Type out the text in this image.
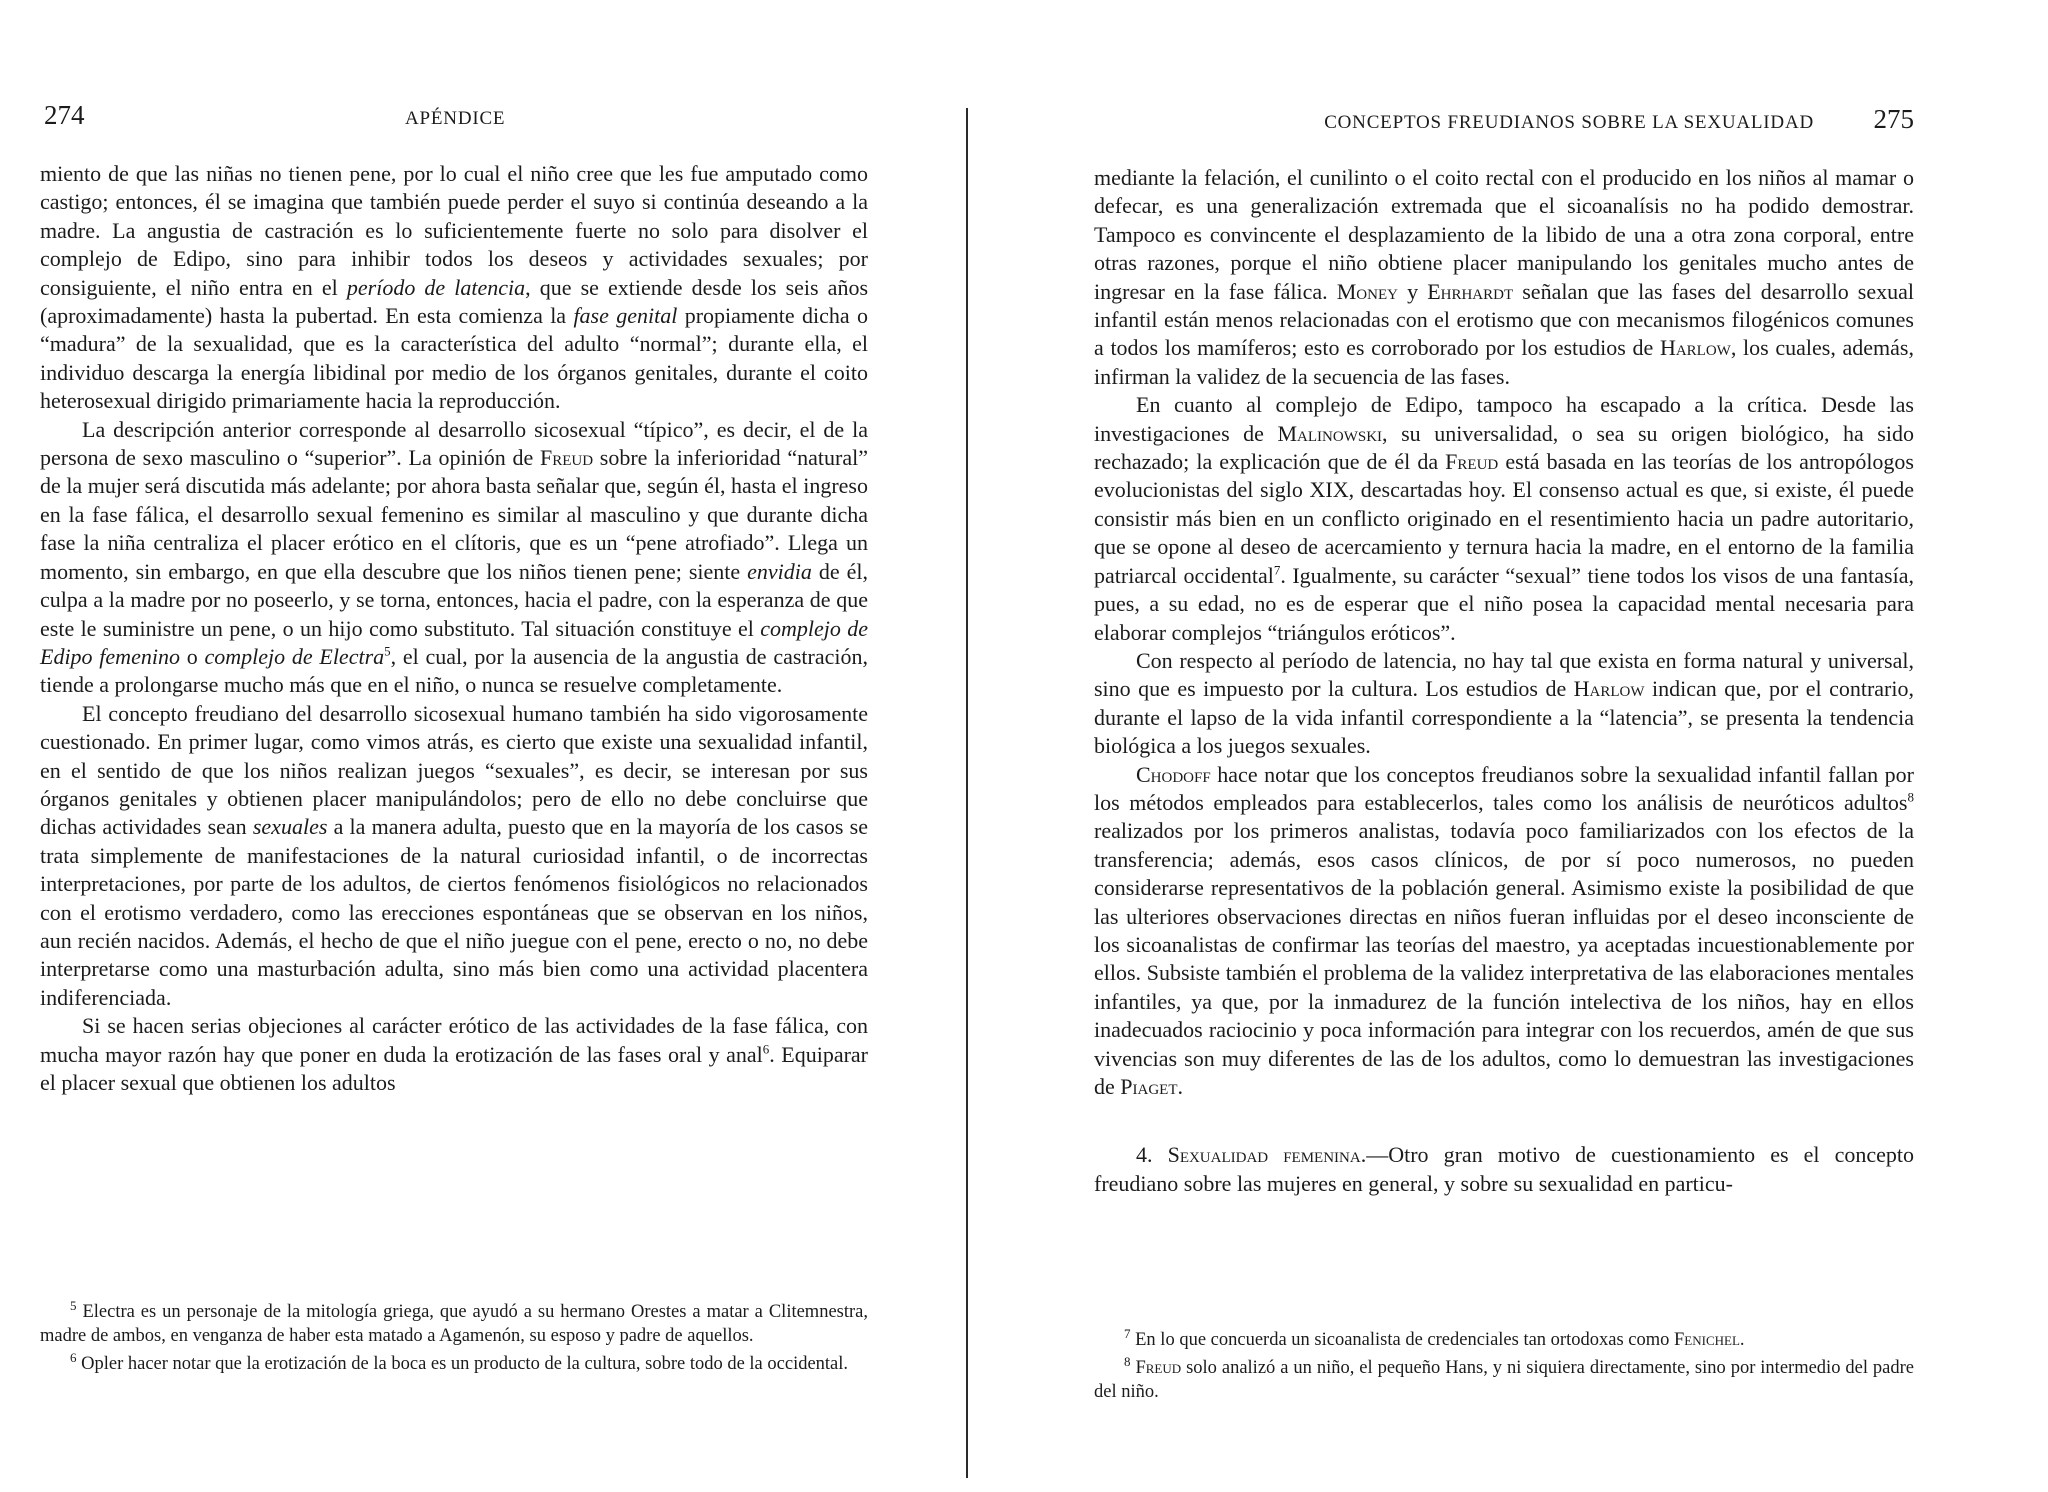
274	APÉNDICE

miento de que las niñas no tienen pene, por lo cual el niño cree que les fue amputado como castigo; entonces, él se imagina que también puede perder el suyo si continúa deseando a la madre. La angustia de castración es lo suficientemente fuerte no solo para disolver el complejo de Edipo, sino para inhibir todos los deseos y actividades sexuales; por consiguiente, el niño entra en el período de latencia, que se extiende desde los seis años (aproximadamente) hasta la pubertad. En esta comienza la fase genital propiamente dicha o “madura” de la sexualidad, que es la característica del adulto “normal”; durante ella, el individuo descarga la energía libidinal por medio de los órganos genitales, durante el coito heterosexual dirigido primariamente hacia la reproducción.

La descripción anterior corresponde al desarrollo sicosexual “típico”, es decir, el de la persona de sexo masculino o “superior”. La opinión de Freud sobre la inferioridad “natural” de la mujer será discutida más adelante; por ahora basta señalar que, según él, hasta el ingreso en la fase fálica, el desarrollo sexual femenino es similar al masculino y que durante dicha fase la niña centraliza el placer erótico en el clítoris, que es un “pene atrofiado”. Llega un momento, sin embargo, en que ella descubre que los niños tienen pene; siente envidia de él, culpa a la madre por no poseerlo, y se torna, entonces, hacia el padre, con la esperanza de que este le suministre un pene, o un hijo como substituto. Tal situación constituye el complejo de Edipo femenino o complejo de Electra$^5$, el cual, por la ausencia de la angustia de castración, tiende a prolongarse mucho más que en el niño, o nunca se resuelve completamente.

El concepto freudiano del desarrollo sicosexual humano también ha sido vigorosamente cuestionado. En primer lugar, como vimos atrás, es cierto que existe una sexualidad infantil, en el sentido de que los niños realizan juegos “sexuales”, es decir, se interesan por sus órganos genitales y obtienen placer manipulándolos; pero de ello no debe concluirse que dichas actividades sean sexuales a la manera adulta, puesto que en la mayoría de los casos se trata simplemente de manifestaciones de la natural curiosidad infantil, o de incorrectas interpretaciones, por parte de los adultos, de ciertos fenómenos fisiológicos no relacionados con el erotismo verdadero, como las erecciones espontáneas que se observan en los niños, aun recién nacidos. Además, el hecho de que el niño juegue con el pene, erecto o no, no debe interpretarse como una masturbación adulta, sino más bien como una actividad placentera indiferenciada.

Si se hacen serias objeciones al carácter erótico de las actividades de la fase fálica, con mucha mayor razón hay que poner en duda la erotización de las fases oral y anal$^6$. Equiparar el placer sexual que obtienen los adultos

$^5$ Electra es un personaje de la mitología griega, que ayudó a su hermano Orestes a matar a Clitemnestra, madre de ambos, en venganza de haber esta matado a Agamenón, su esposo y padre de aquellos.

$^6$ Opler hacer notar que la erotización de la boca es un producto de la cultura, sobre todo de la occidental.

CONCEPTOS FREUDIANOS SOBRE LA SEXUALIDAD 275

mediante la felación, el cunilinto o el coito rectal con el producido en los niños al mamar o defecar, es una generalización extremada que el sicoanalísis no ha podido demostrar. Tampoco es convincente el desplazamiento de la libido de una a otra zona corporal, entre otras razones, porque el niño obtiene placer manipulando los genitales mucho antes de ingresar en la fase fálica. Money y Ehrhardt señalan que las fases del desarrollo sexual infantil están menos relacionadas con el erotismo que con mecanismos filogénicos comunes a todos los mamíferos; esto es corroborado por los estudios de Harlow, los cuales, además, infirman la validez de la secuencia de las fases.

En cuanto al complejo de Edipo, tampoco ha escapado a la crítica. Desde las investigaciones de Malinowski, su universalidad, o sea su origen biológico, ha sido rechazado; la explicación que de él da Freud está basada en las teorías de los antropólogos evolucionistas del siglo XIX, descartadas hoy. El consenso actual es que, si existe, él puede consistir más bien en un conflicto originado en el resentimiento hacia un padre autoritario, que se opone al deseo de acercamiento y ternura hacia la madre, en el entorno de la familia patriarcal occidental$^7$. Igualmente, su carácter “sexual” tiene todos los visos de una fantasía, pues, a su edad, no es de esperar que el niño posea la capacidad mental necesaria para elaborar complejos “triángulos eróticos”.

Con respecto al período de latencia, no hay tal que exista en forma natural y universal, sino que es impuesto por la cultura. Los estudios de Harlow indican que, por el contrario, durante el lapso de la vida infantil correspondiente a la “latencia”, se presenta la tendencia biológica a los juegos sexuales.

Chodoff hace notar que los conceptos freudianos sobre la sexualidad infantil fallan por los métodos empleados para establecerlos, tales como los análisis de neuróticos adultos$^8$ realizados por los primeros analistas, todavía poco familiarizados con los efectos de la transferencia; además, esos casos clínicos, de por sí poco numerosos, no pueden considerarse representativos de la población general. Asimismo existe la posibilidad de que las ulteriores observaciones directas en niños fueran influidas por el deseo inconsciente de los sicoanalistas de confirmar las teorías del maestro, ya aceptadas incuestionablemente por ellos. Subsiste también el problema de la validez interpretativa de las elaboraciones mentales infantiles, ya que, por la inmadurez de la función intelectiva de los niños, hay en ellos inadecuados raciocinio y poca información para integrar con los recuerdos, amén de que sus vivencias son muy diferentes de las de los adultos, como lo demuestran las investigaciones de Piaget.

4. Sexualidad femenina.—Otro gran motivo de cuestionamiento es el concepto freudiano sobre las mujeres en general, y sobre su sexualidad en particu-

$^7$ En lo que concuerda un sicoanalista de credenciales tan ortodoxas como Fenichel.

$^8$ Freud solo analizó a un niño, el pequeño Hans, y ni siquiera directamente, sino por intermedio del padre del niño.
